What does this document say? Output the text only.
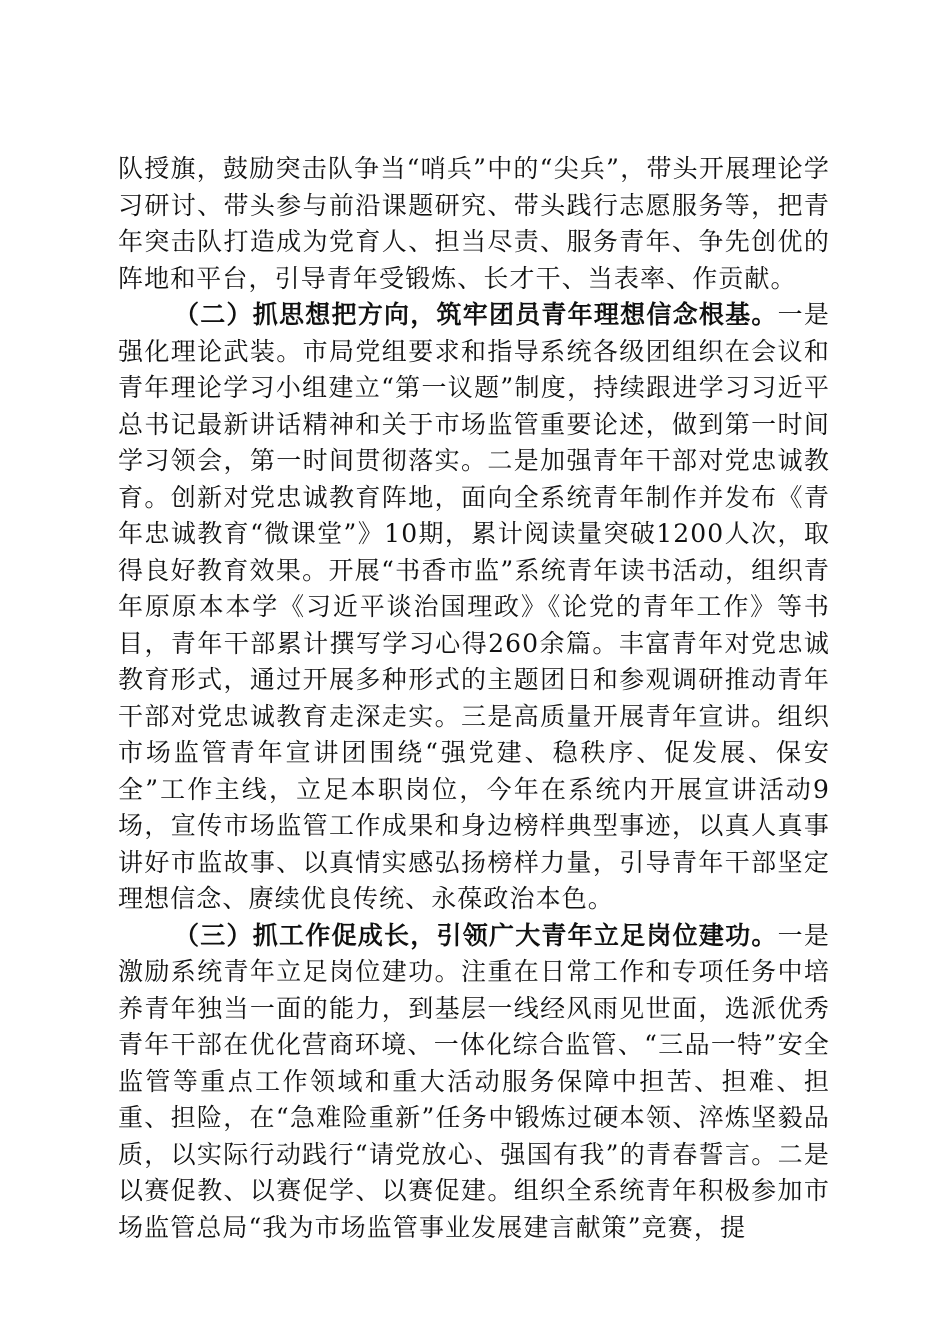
队授旗，鼓励突击队争当“哨兵”中的“尖兵”，带头开展理论学习研讨、带头参与前沿课题研究、带头践行志愿服务等，把青年突击队打造成为党育人、担当尽责、服务青年、争先创优的阵地和平台，引导青年受锻炼、长才干、当表率、作贡献。

（二）抓思想把方向，筑牢团员青年理想信念根基。一是强化理论武装。市局党组要求和指导系统各级团组织在会议和青年理论学习小组建立“第一议题”制度，持续跟进学习习近平总书记最新讲话精神和关于市场监管重要论述，做到第一时间学习领会，第一时间贯彻落实。二是加强青年干部对党忠诚教育。创新对党忠诚教育阵地，面向全系统青年制作并发布《青年忠诚教育“微课堂”》10期，累计阅读量突破1200人次，取得良好教育效果。开展“书香市监”系统青年读书活动，组织青年原原本本学《习近平谈治国理政》《论党的青年工作》等书目，青年干部累计撰写学习心得260余篇。丰富青年对党忠诚教育形式，通过开展多种形式的主题团日和参观调研推动青年干部对党忠诚教育走深走实。三是高质量开展青年宣讲。组织市场监管青年宣讲团围绕“强党建、稳秩序、促发展、保安全”工作主线，立足本职岗位，今年在系统内开展宣讲活动9场，宣传市场监管工作成果和身边榜样典型事迹，以真人真事讲好市监故事、以真情实感弘扬榜样力量，引导青年干部坚定理想信念、赓续优良传统、永葆政治本色。

（三）抓工作促成长，引领广大青年立足岗位建功。一是激励系统青年立足岗位建功。注重在日常工作和专项任务中培养青年独当一面的能力，到基层一线经风雨见世面，选派优秀青年干部在优化营商环境、一体化综合监管、“三品一特”安全监管等重点工作领域和重大活动服务保障中担苦、担难、担重、担险，在“急难险重新”任务中锻炼过硬本领、淬炼坚毅品质，以实际行动践行“请党放心、强国有我”的青春誓言。二是以赛促教、以赛促学、以赛促建。组织全系统青年积极参加市场监管总局“我为市场监管事业发展建言献策”竞赛，提
